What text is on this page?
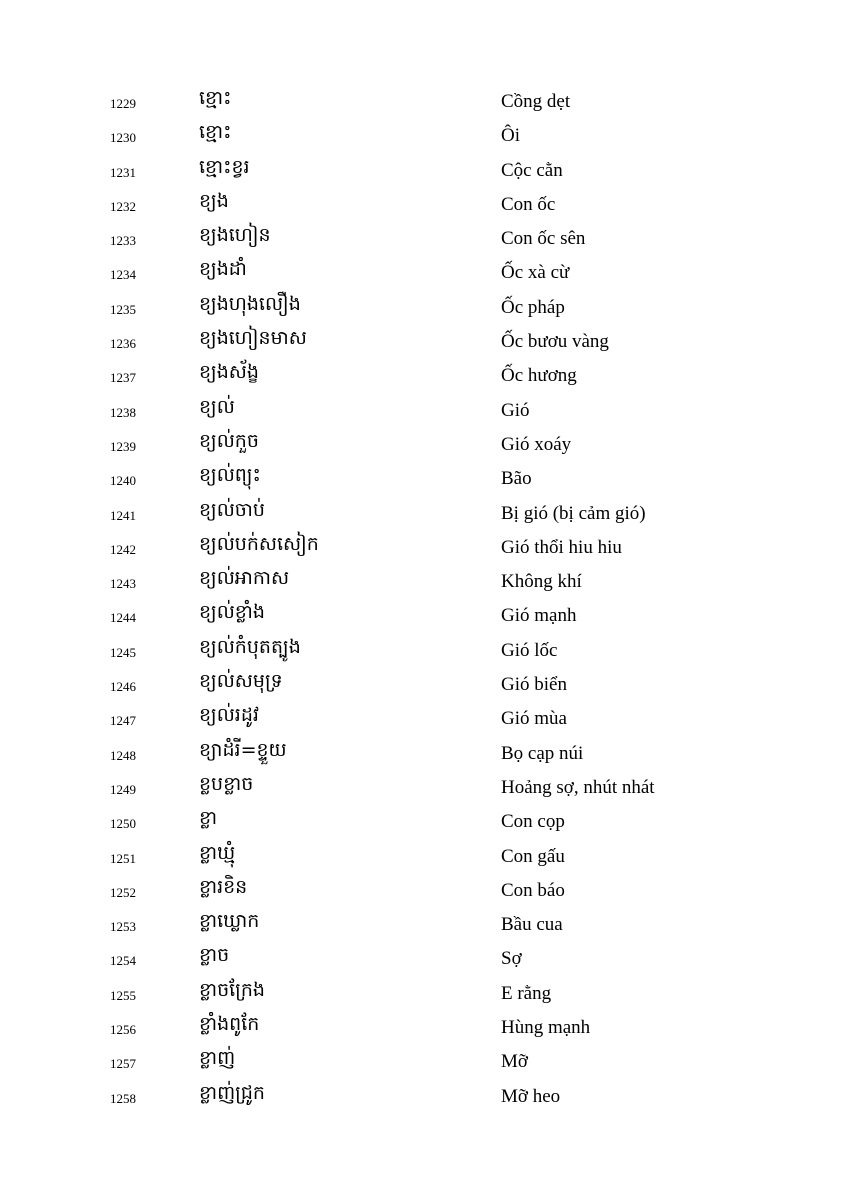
1229	ខ្មោះ	Cồng dẹt
1230	ខ្មោះ	Ôi
1231	ខ្មោះខ្វរ	Cộc cằn
1232	ខ្យង	Con ốc
1233	ខ្យងហៀន	Con ốc sên
1234	ខ្យងដាំ	Ốc xà cừ
1235	ខ្យងហុងលឿង	Ốc pháp
1236	ខ្យងហៀនមាស	Ốc bươu vàng
1237	ខ្យងស័ង្ខ	Ốc hương
1238	ខ្យល់	Gió
1239	ខ្យល់កួច	Gió xoáy
1240	ខ្យល់ព្យុះ	Bão
1241	ខ្យល់ចាប់	Bị gió (bị cảm gió)
1242	ខ្យល់បក់សសៀក	Gió thổi hiu hiu
1243	ខ្យល់អាកាស	Không khí
1244	ខ្យល់ខ្លាំង	Gió mạnh
1245	ខ្យល់កំបុតត្បូង	Gió lốc
1246	ខ្យល់សមុទ្រ	Gió biển
1247	ខ្យល់រដូវ	Gió mùa
1248	ខ្យាដំរី=ខ្ទួយ	Bọ cạp núi
1249	ខ្លបខ្លាច	Hoảng sợ, nhút nhát
1250	ខ្លា	Con cọp
1251	ខ្លាឃ្មុំ	Con gấu
1252	ខ្លារខិន	Con báo
1253	ខ្លាឃ្លោក	Bầu cua
1254	ខ្លាច	Sợ
1255	ខ្លាចក្រែង	E rằng
1256	ខ្លាំងពូកែ	Hùng mạnh
1257	ខ្លាញ់	Mỡ
1258	ខ្លាញ់ជ្រូក	Mỡ heo
